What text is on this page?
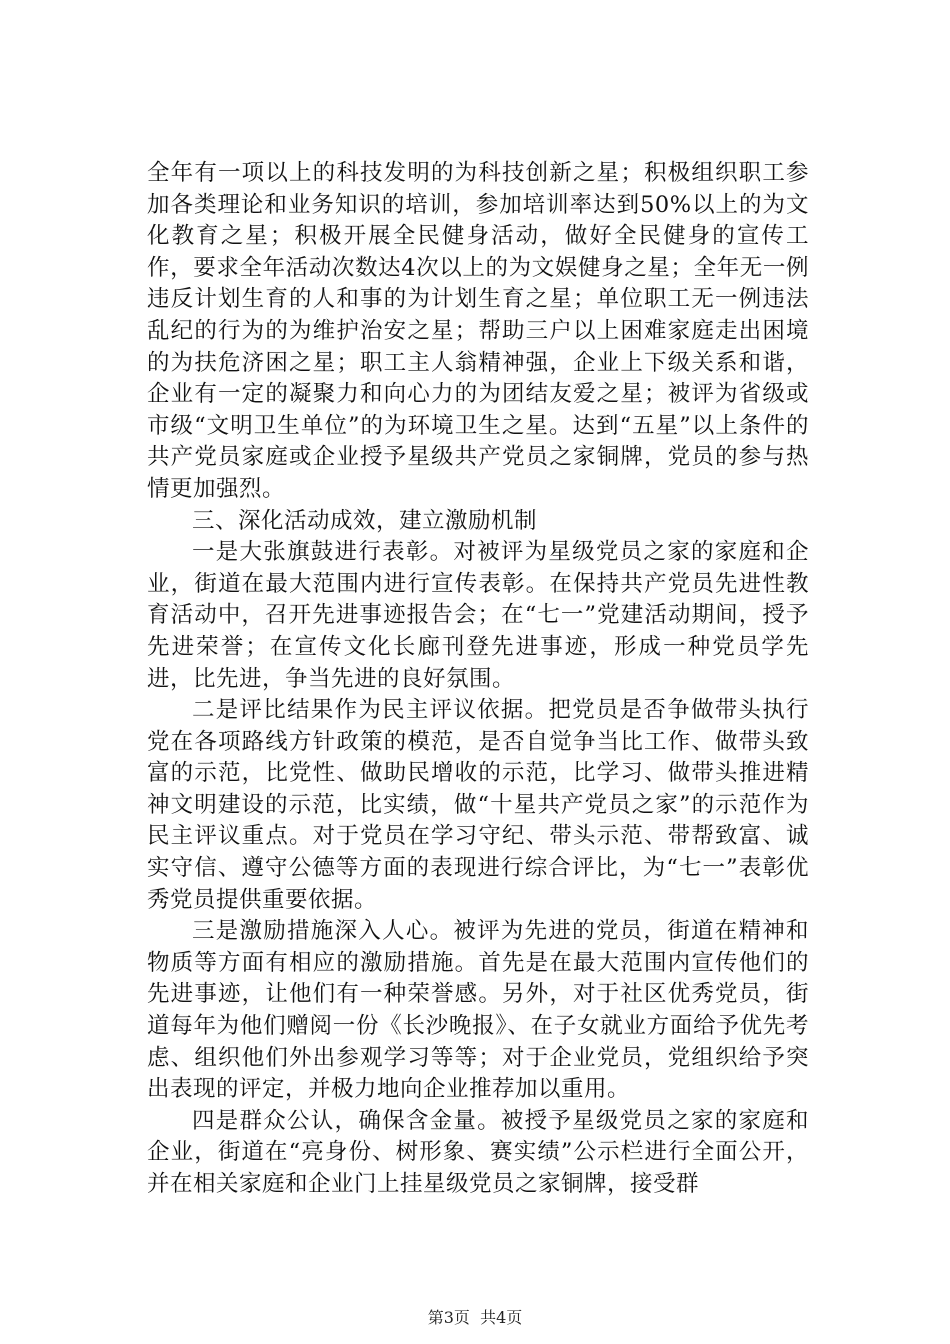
全年有一项以上的科技发明的为科技创新之星；积极组织职工参加各类理论和业务知识的培训，参加培训率达到50%以上的为文化教育之星；积极开展全民健身活动，做好全民健身的宣传工作，要求全年活动次数达4次以上的为文娱健身之星；全年无一例违反计划生育的人和事的为计划生育之星；单位职工无一例违法乱纪的行为的为维护治安之星；帮助三户以上困难家庭走出困境的为扶危济困之星；职工主人翁精神强，企业上下级关系和谐，企业有一定的凝聚力和向心力的为团结友爱之星；被评为省级或市级“文明卫生单位”的为环境卫生之星。达到“五星”以上条件的共产党员家庭或企业授予星级共产党员之家铜牌，党员的参与热情更加强烈。

三、深化活动成效，建立激励机制

一是大张旗鼓进行表彰。对被评为星级党员之家的家庭和企业，街道在最大范围内进行宣传表彰。在保持共产党员先进性教育活动中，召开先进事迹报告会；在“七一”党建活动期间，授予先进荣誉；在宣传文化长廊刊登先进事迹，形成一种党员学先进，比先进，争当先进的良好氛围。

二是评比结果作为民主评议依据。把党员是否争做带头执行党在各项路线方针政策的模范，是否自觉争当比工作、做带头致富的示范，比党性、做助民增收的示范，比学习、做带头推进精神文明建设的示范，比实绩，做“十星共产党员之家”的示范作为民主评议重点。对于党员在学习守纪、带头示范、带帮致富、诚实守信、遵守公德等方面的表现进行综合评比，为“七一”表彰优秀党员提供重要依据。

三是激励措施深入人心。被评为先进的党员，街道在精神和物质等方面有相应的激励措施。首先是在最大范围内宣传他们的先进事迹，让他们有一种荣誉感。另外，对于社区优秀党员，街道每年为他们赠阅一份《长沙晚报》、在子女就业方面给予优先考虑、组织他们外出参观学习等等；对于企业党员，党组织给予突出表现的评定，并极力地向企业推荐加以重用。

四是群众公认，确保含金量。被授予星级党员之家的家庭和企业，街道在“亮身份、树形象、赛实绩”公示栏进行全面公开，并在相关家庭和企业门上挂星级党员之家铜牌，接受群

第3页 共4页
